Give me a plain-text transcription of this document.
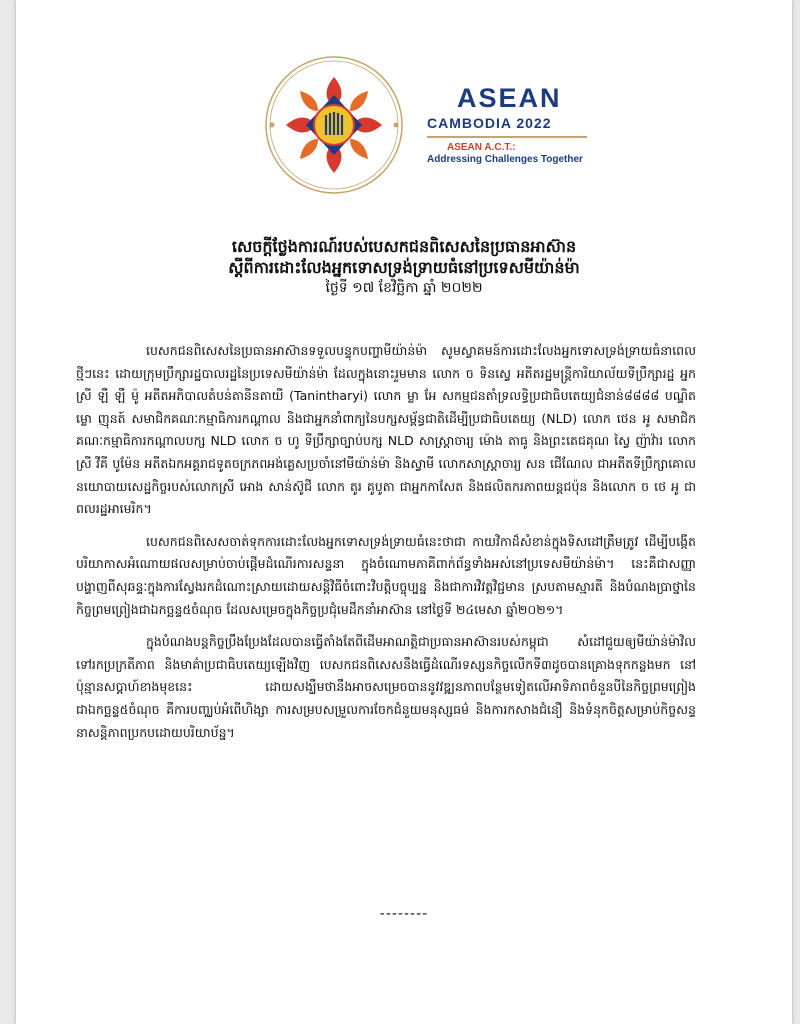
ASEAN
CAMBODIA 2022
ASEAN A.C.T.:
Addressing Challenges Together
សេចក្ដីថ្លែងការណ៍របស់បេសកជនពិសេសនៃប្រធានអាស៊ាន
ស្ដីពីការដោះលែងអ្នកទោសទ្រង់ទ្រាយធំនៅប្រទេសមីយ៉ាន់ម៉ា
ថ្ងៃទី ១៧ ខែវិច្ឆិកា ឆ្នាំ ២០២២

បេសកជនពិសេសនៃប្រធានអាស៊ានទទួលបន្ទុកបញ្ហាមីយ៉ាន់ម៉ា សូមស្វាគមន៍ការដោះលែងអ្នកទោសទ្រង់ទ្រាយធំនាពេលថ្មីៗនេះ ដោយក្រុមប្រឹក្សារដ្ឋបាលរដ្ឋនៃប្រទេសមីយ៉ាន់ម៉ា ដែលក្នុងនោះរួមមាន លោក ច ទិនស្វេ អតីតរដ្ឋមន្ត្រីការិយាល័យទីប្រឹក្សារដ្ឋ អ្នកស្រី ឡឺ ឡឺ ម៉ូ អតីតអភិបាលតំបន់តានីនតាយី (Tanintharyi) លោក ម្លា អែ សកម្មជនតាំទ្រលទ្ធិប្រជាធិបតេយ្យជំនាន់៨៨៨៨ បណ្ឌិត ម្លោ ញុនត៍ សមាជិកគណៈកម្មាធិការកណ្ដាល និងជាអ្នកនាំពាក្យនៃបក្សសម្ព័ន្ធជាតិដើម្បីប្រជាធិបតេយ្យ (NLD) លោក ថេន អូ សមាជិកគណៈកម្មាធិការកណ្ដាលបក្ស NLD លោក ច ហូ ទីប្រឹក្សាច្បាប់បក្ស NLD សាស្ត្រាចារ្យ ម៉ោង តាធូ និងព្រះតេជគុណ ស្វៃ ញ៉ាវ៉ារ លោកស្រី វីគី បូម៉ែន អតីតឯកអគ្គរាជទូតចក្រភពអង់គ្លេសប្រចាំនៅមីយ៉ាន់ម៉ា និងស្វាមី លោកសាស្ត្រាចារ្យ សន ជើណែល ជាអតីតទីប្រឹក្សាគោលនយោបាយសេដ្ឋកិច្ចរបស់លោកស្រី អោង សាន់ស៊ូជី លោក តូរ គូបូតា ជាអ្នកកាសែត និងផលិតករភាពយន្តជប៉ុន និងលោក ច ថេ អូ ជាពលរដ្ឋអាមេរិក។

បេសកជនពិសេសចាត់ទុកការដោះលែងអ្នកទោសទ្រង់ទ្រាយធំនេះថាជា កាយវិកាដ៏សំខាន់ក្នុងទិសដៅត្រឹមត្រូវ ដើម្បីបង្កើតបរិយាកាសអំណោយផលសម្រាប់ចាប់ផ្ដើមដំណើរការសន្ទនា ក្នុងចំណោមភាគីពាក់ព័ន្ធទាំងអស់នៅប្រទេសមីយ៉ាន់ម៉ា។ នេះគឺជាសញ្ញាបង្ហាញពីសុឆន្ទៈក្នុងការស្វែងរកដំណោះស្រាយដោយសន្តិវិធីចំពោះវិបត្តិបច្ចុប្បន្ន និងជាការវិវត្តវិជ្ជមាន ស្របតាមស្មារតី និងបំណងប្រាថ្នានៃកិច្ចព្រមព្រៀងជាឯកច្ឆន្ទ៥ចំណុច ដែលសម្រេចក្នុងកិច្ចប្រជុំមេដឹកនាំអាស៊ាន នៅថ្ងៃទី ២៤មេសា ឆ្នាំ២០២១។

ក្នុងបំណងបន្តកិច្ចប្រឹងប្រែងដែលបានធ្វើតាំងតែពីដើមអាណត្តិជាប្រធានអាស៊ានរបស់កម្ពុជា សំដៅជួយឲ្យមីយ៉ាន់ម៉ាវិលទៅរកប្រក្រតីភាព និងមាគ៌ាប្រជាធិបតេយ្យឡើងវិញ បេសកជនពិសេសនឹងធ្វើដំណើរទស្សនកិច្ចលើកទី៣ដូចបានគ្រោងទុកកន្លងមក នៅប៉ុន្មានសប្ដាហ៍ខាងមុខនេះ ដោយសង្ឃឹមថានឹងអាចសម្រេចបាននូវវឌ្ឍនភាពបន្ថែមទៀតលើអាទិភាពចំនួនបីនៃកិច្ចព្រមព្រៀងជាឯកច្ឆន្ទ៥ចំណុច គឺការបញ្ឈប់អំពើហិង្សា ការសម្របសម្រួលការចែកជំនួយមនុស្សធម៌ និងការកសាងជំនឿ និងទំនុកចិត្តសម្រាប់កិច្ចសន្ទនាសន្តិភាពប្រកបដោយបរិយាប័ន្ន។

--------
